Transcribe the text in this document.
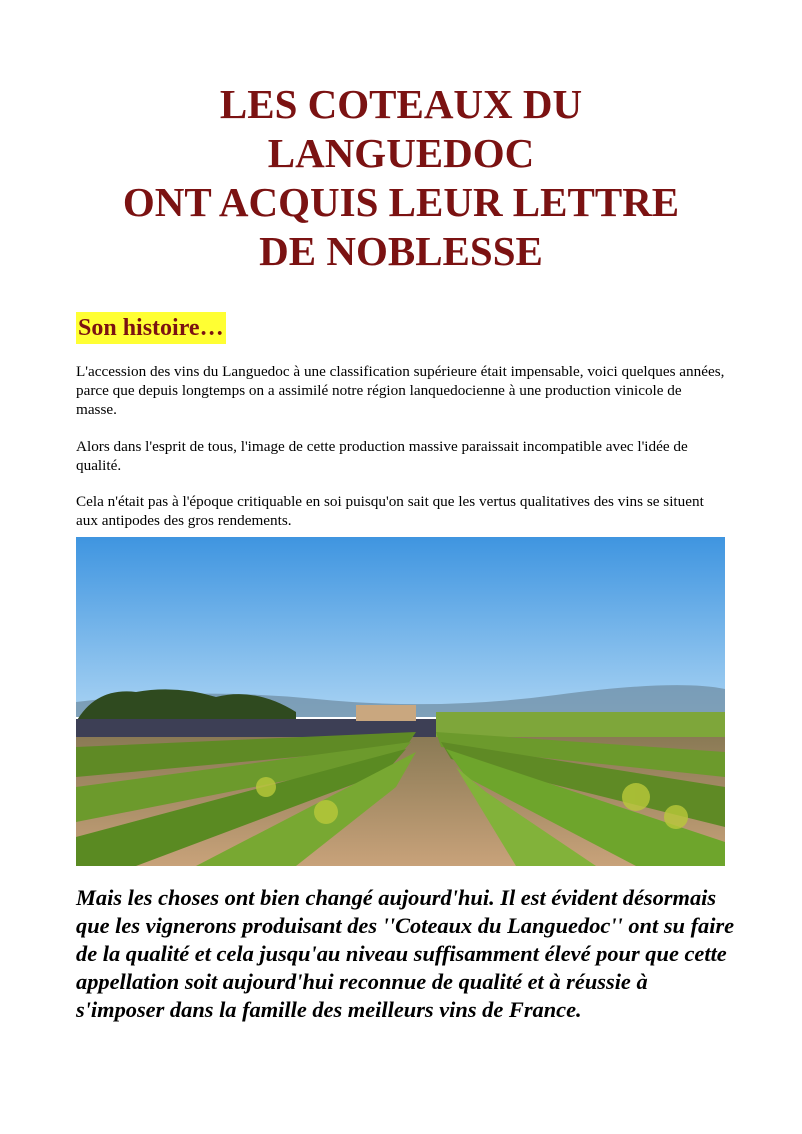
LES COTEAUX DU
LANGUEDOC
ONT ACQUIS LEUR LETTRE
DE NOBLESSE
Son histoire…

L'accession des vins du Languedoc à une classification supérieure était impensable, voici quelques années, parce que depuis longtemps on a assimilé notre région lanquedocienne à une production vinicole de masse.

Alors dans l'esprit de tous, l'image de cette production massive paraissait incompatible avec l'idée de qualité.

Cela n'était pas à l'époque critiquable en soi puisqu'on sait que les vertus qualitatives des vins se situent aux antipodes des gros rendements.

Mais les choses ont bien changé aujourd'hui. Il est évident désormais que les vignerons produisant des ''Coteaux du Languedoc'' ont su faire de la qualité et cela jusqu'au niveau suffisamment élevé pour que cette appellation soit aujourd'hui reconnue de qualité et à réussie à s'imposer dans la famille des meilleurs vins de France.
